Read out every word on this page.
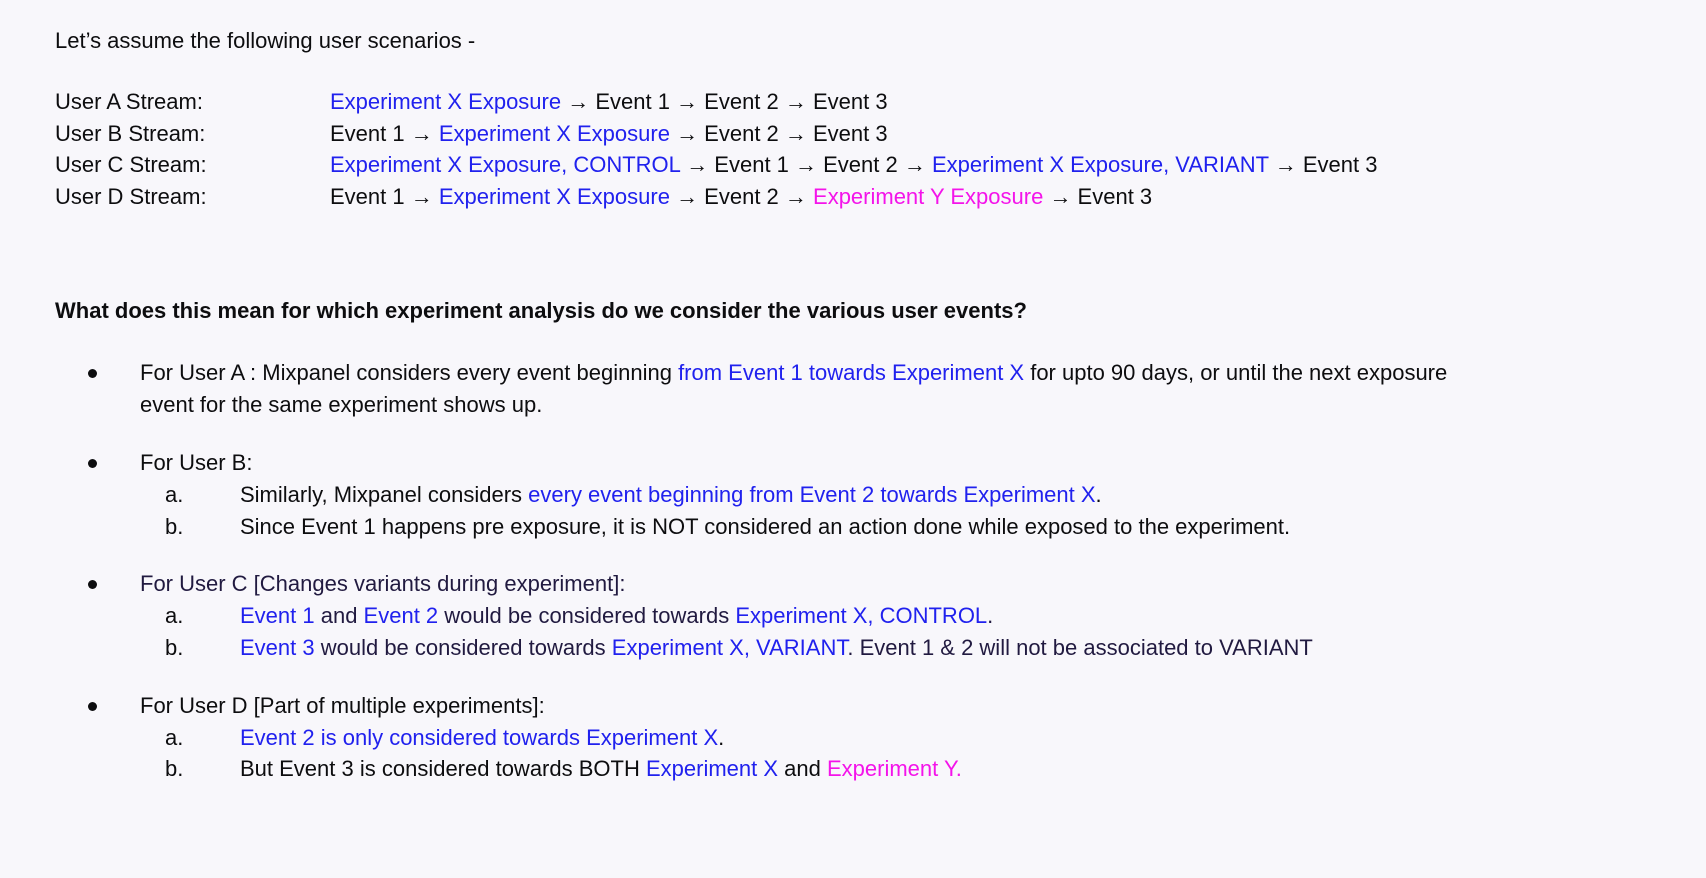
Let’s assume the following user scenarios -
User A Stream:	Experiment X Exposure → Event 1 → Event 2 → Event 3
User B Stream:	Event 1 → Experiment X Exposure → Event 2 → Event 3
User C Stream:	Experiment X Exposure, CONTROL → Event 1 → Event 2 → Experiment X Exposure, VARIANT → Event 3
User D Stream:	Event 1 → Experiment X Exposure → Event 2 → Experiment Y Exposure → Event 3
What does this mean for which experiment analysis do we consider the various user events?
For User A : Mixpanel considers every event beginning from Event 1 towards Experiment X for upto 90 days, or until the next exposure event for the same experiment shows up.
For User B:
a.	Similarly, Mixpanel considers every event beginning from Event 2 towards Experiment X.
b.	Since Event 1 happens pre exposure, it is NOT considered an action done while exposed to the experiment.
For User C [Changes variants during experiment]:
a.	Event 1 and Event 2 would be considered towards Experiment X, CONTROL.
b.	Event 3 would be considered towards Experiment X, VARIANT. Event 1 & 2 will not be associated to VARIANT
For User D [Part of multiple experiments]:
a.	Event 2 is only considered towards Experiment X.
b.	But Event 3 is considered towards BOTH Experiment X and Experiment Y.
